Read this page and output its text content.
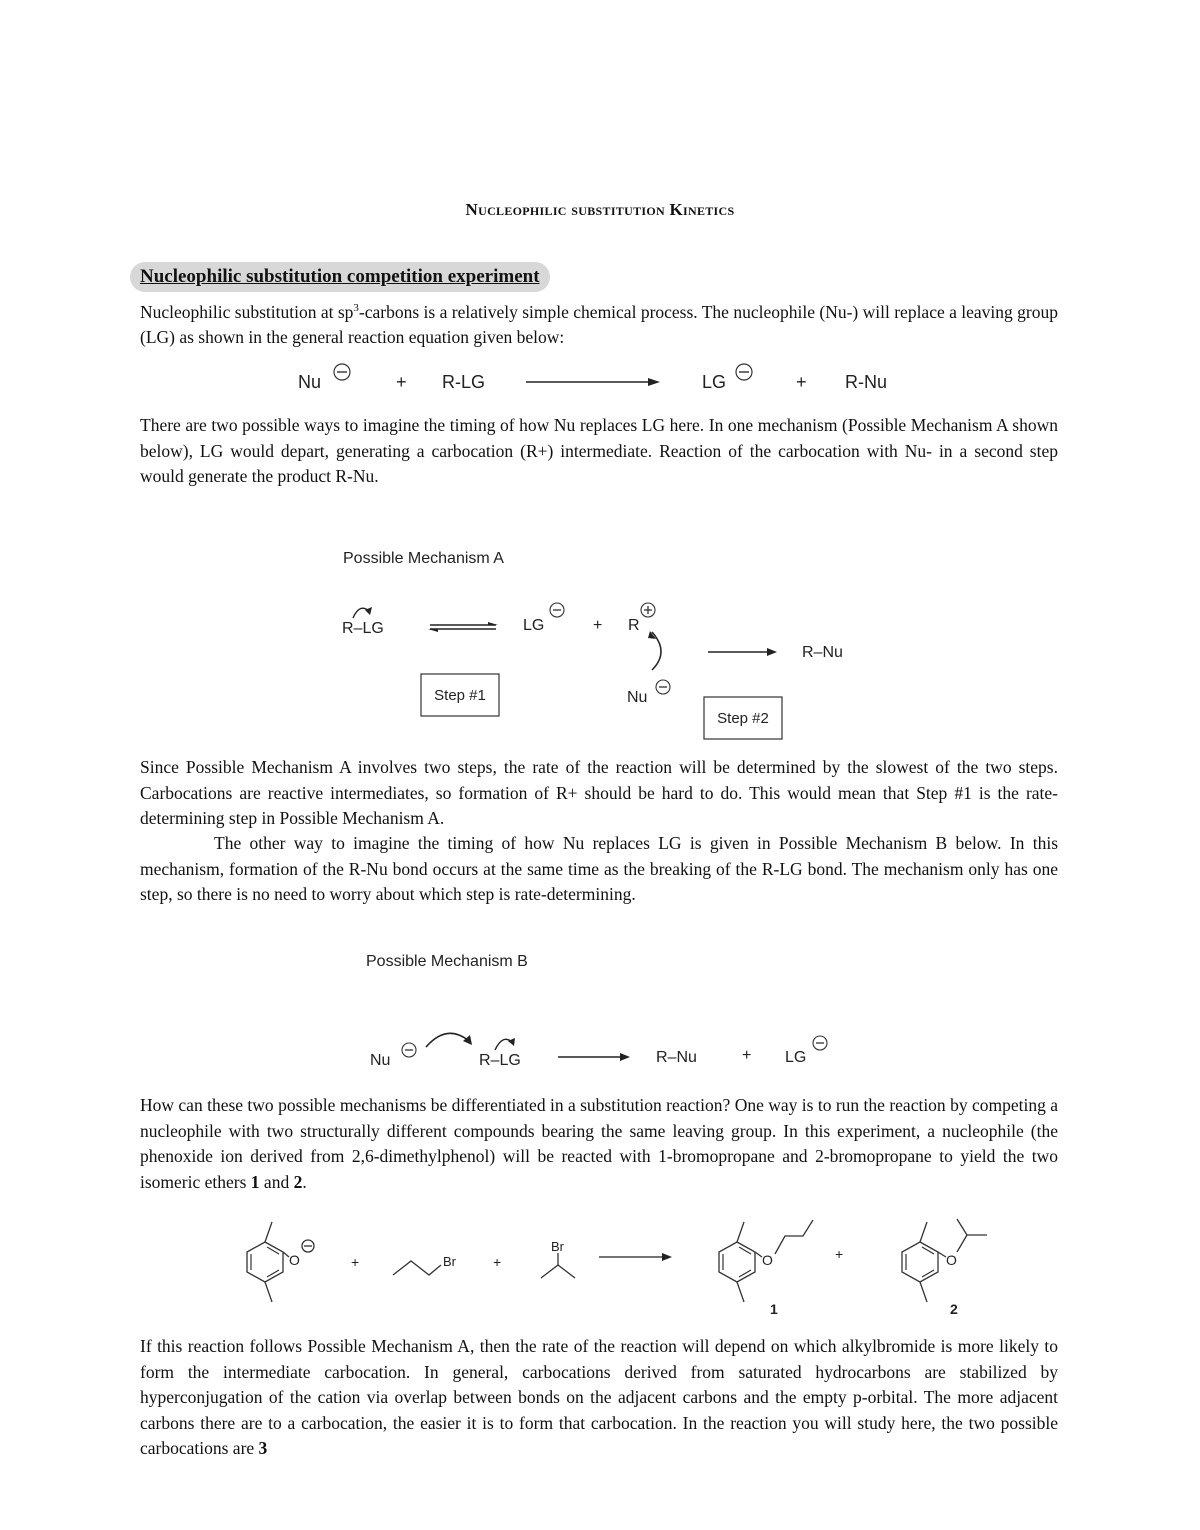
Nucleophilic substitution Kinetics
Nucleophilic substitution competition experiment

Nucleophilic substitution at $sp^3$-carbons is a relatively simple chemical process. The nucleophile (Nu-) will replace a leaving group (LG) as shown in the general reaction equation given below:

Nu	+ R-LG	LG	+ R-Nu

There are two possible ways to imagine the timing of how Nu replaces LG here. In one mechanism (Possible Mechanism A shown below), LG would depart, generating a carbocation (R+) intermediate. Reaction of the carbocation with Nu- in a second step would generate the product R-Nu.

Possible Mechanism A
R–LG	LG	+ R
Nu
R–Nu
Step #1
Step #2

Since Possible Mechanism A involves two steps, the rate of the reaction will be determined by the slowest of the two steps. Carbocations are reactive intermediates, so formation of R+ should be hard to do. This would mean that Step #1 is the rate-determining step in Possible Mechanism A.

The other way to imagine the timing of how Nu replaces LG is given in Possible Mechanism B below. In this mechanism, formation of the R-Nu bond occurs at the same time as the breaking of the R-LG bond. The mechanism only has one step, so there is no need to worry about which step is rate-determining.

Possible Mechanism B
Nu	R–LG	R–Nu	+ LG

How can these two possible mechanisms be differentiated in a substitution reaction? One way is to run the reaction by competing a nucleophile with two structurally different compounds bearing the same leaving group. In this experiment, a nucleophile (the phenoxide ion derived from 2,6-dimethylphenol) will be reacted with 1-bromopropane and 2-bromopropane to yield the two isomeric ethers 1 and 2.

O	+	Br	+
Br
O	+	O
1	2

If this reaction follows Possible Mechanism A, then the rate of the reaction will depend on which alkylbromide is more likely to form the intermediate carbocation. In general, carbocations derived from saturated hydrocarbons are stabilized by hyperconjugation of the cation via overlap between bonds on the adjacent carbons and the empty p-orbital. The more adjacent carbons there are to a carbocation, the easier it is to form that carbocation. In the reaction you will study here, the two possible carbocations are 3
